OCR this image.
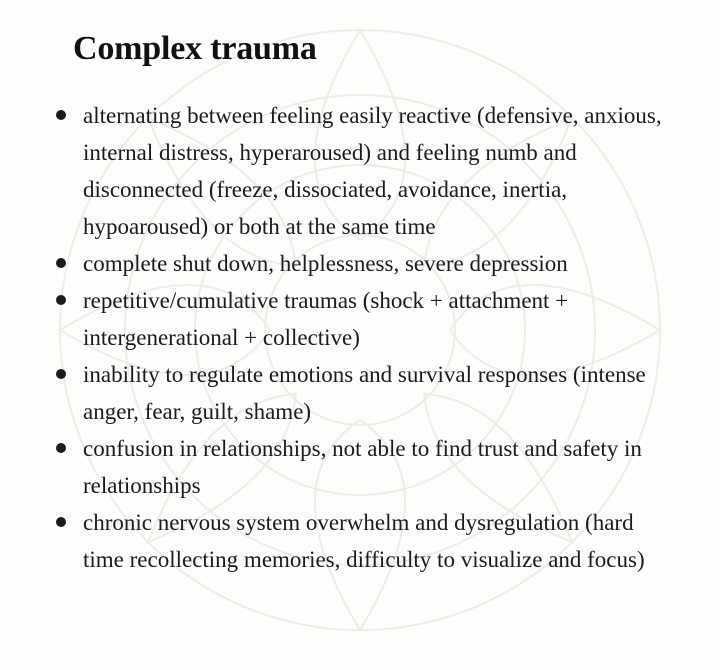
Complex trauma
alternating between feeling easily reactive (defensive, anxious, internal distress, hyperaroused) and feeling numb and disconnected (freeze, dissociated, avoidance, inertia, hypoaroused) or both at the same time
complete shut down, helplessness, severe depression
repetitive/cumulative traumas (shock + attachment + intergenerational + collective)
inability to regulate emotions and survival responses (intense anger, fear, guilt, shame)
confusion in relationships, not able to find trust and safety in relationships
chronic nervous system overwhelm and dysregulation (hard time recollecting memories, difficulty to visualize and focus)
